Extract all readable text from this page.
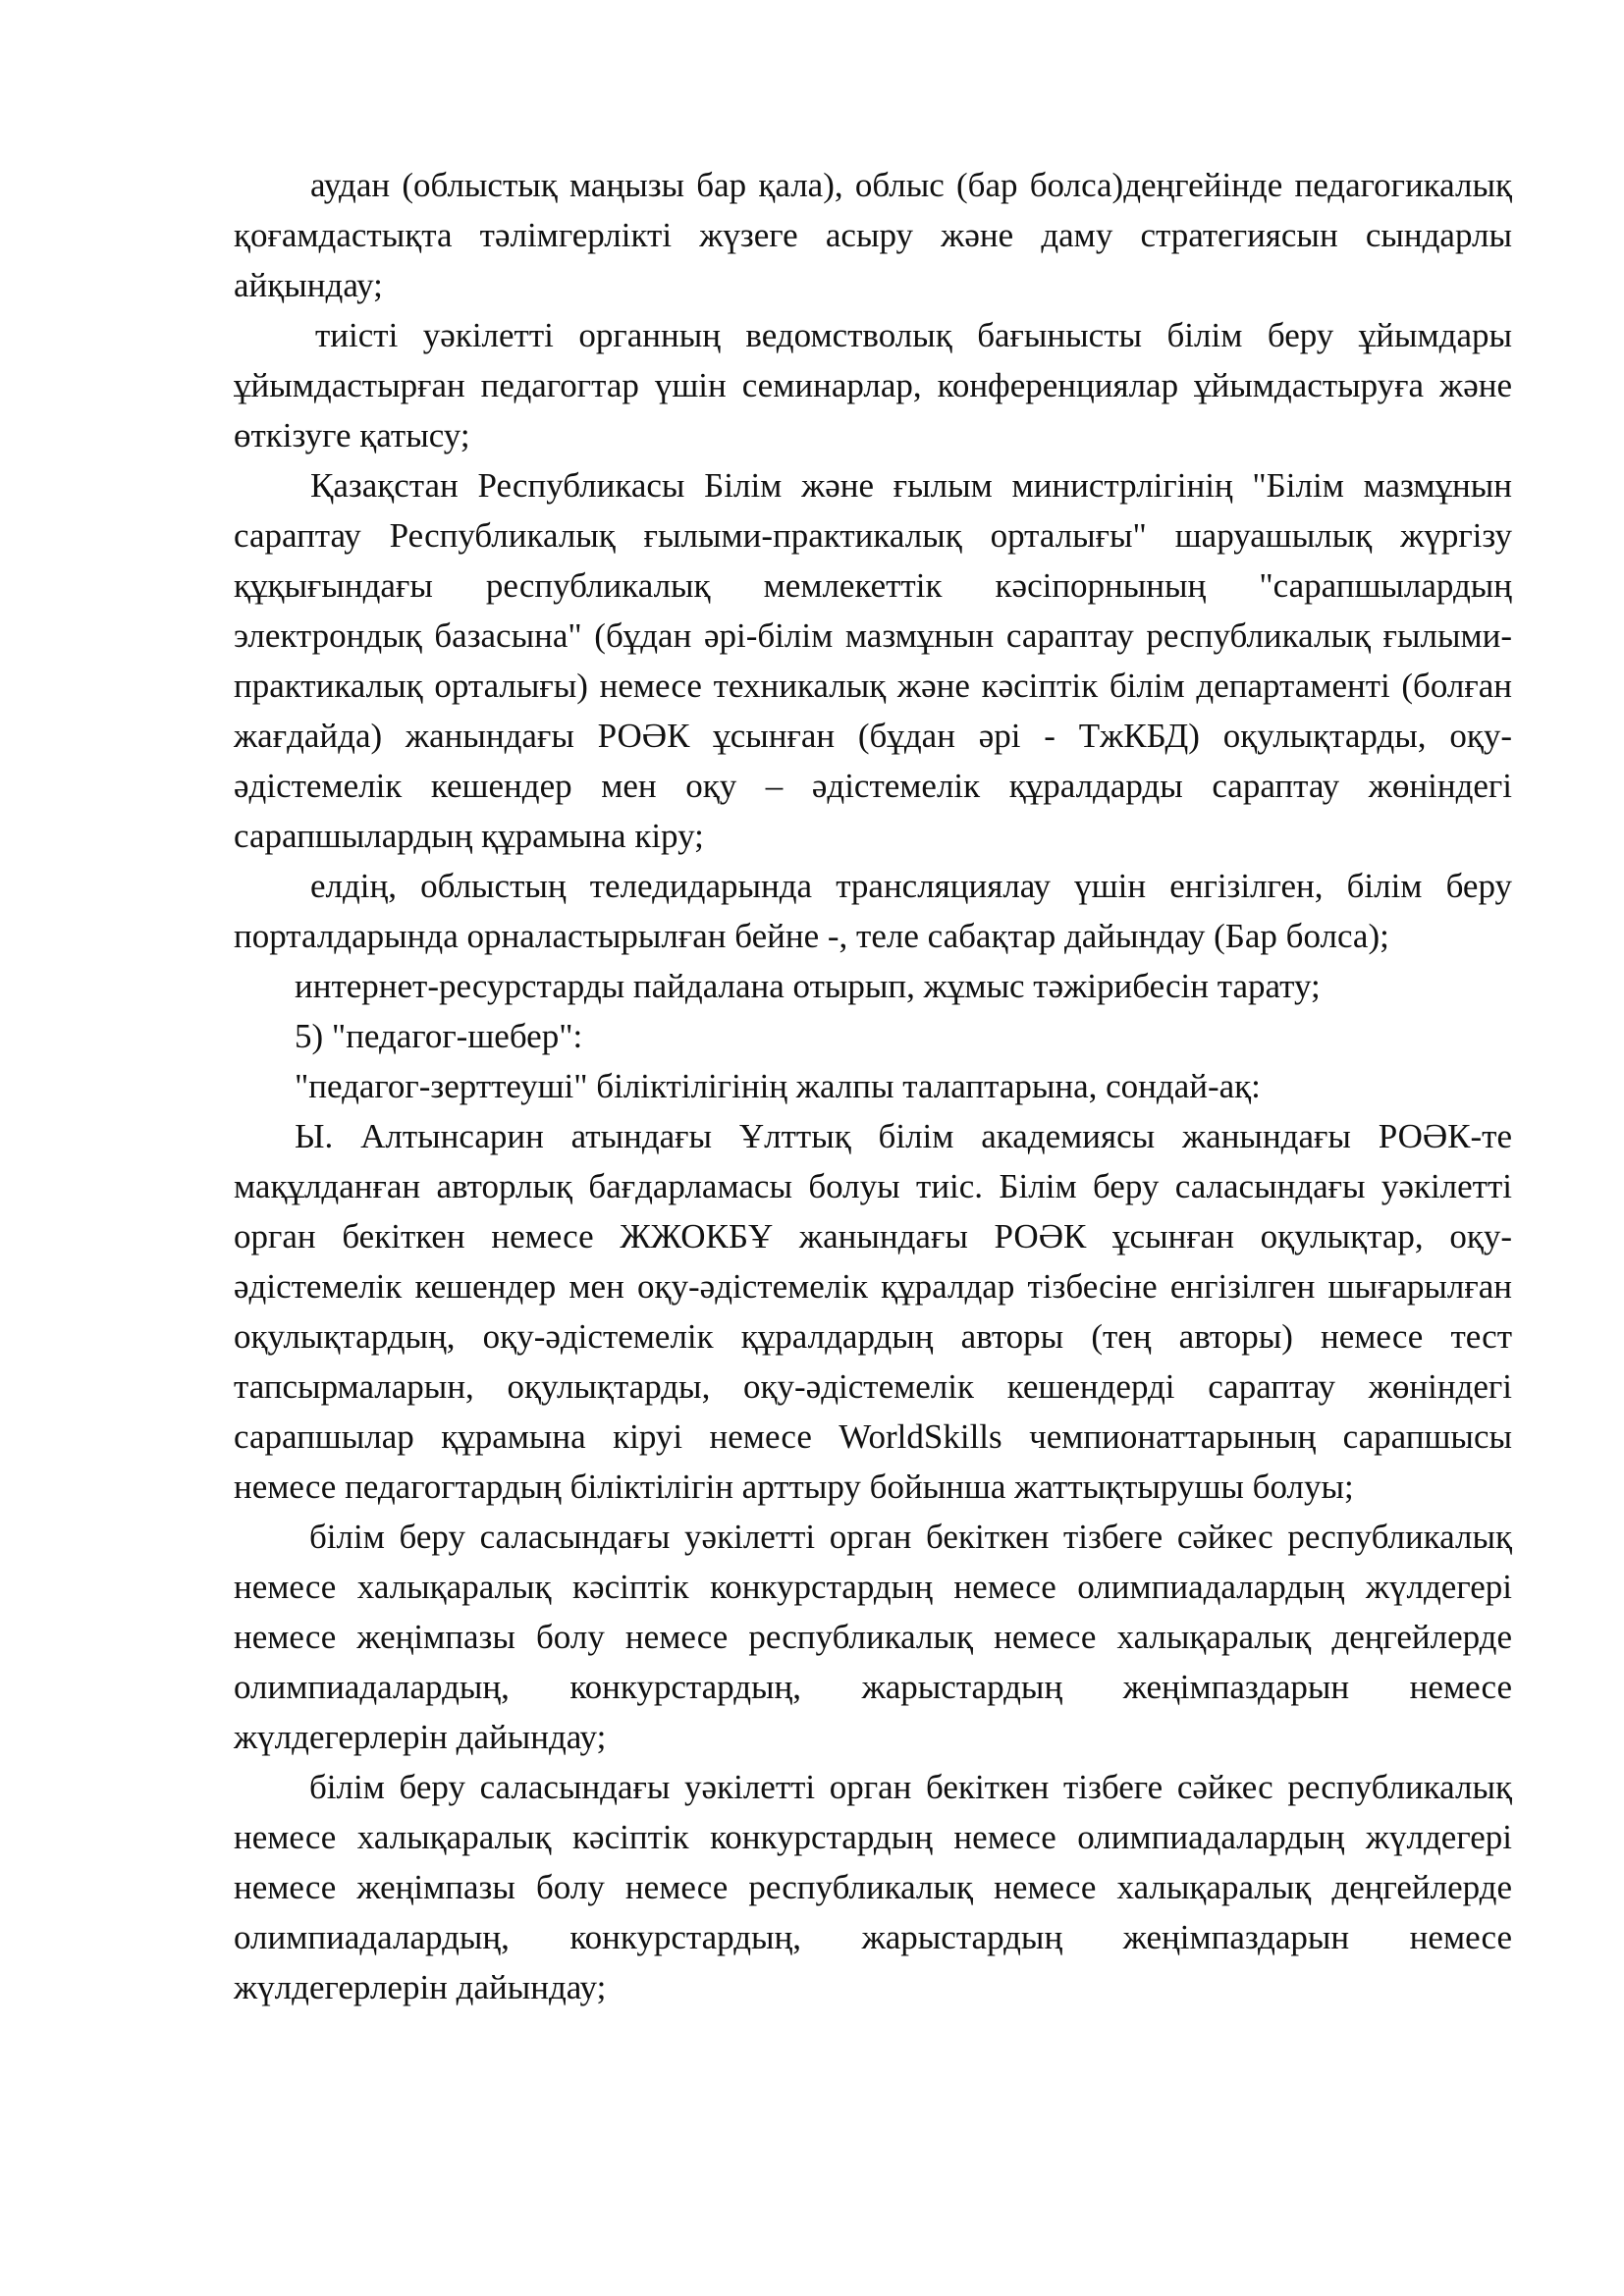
аудан (облыстық маңызы бар қала), облыс (бар болса)деңгейінде педагогикалық қоғамдастықта тәлімгерлікті жүзеге асыру және даму стратегиясын сындарлы айқындау;

тиісті уәкілетті органның ведомстволық бағынысты білім беру ұйымдары ұйымдастырған педагогтар үшін семинарлар, конференциялар ұйымдастыруға және өткізуге қатысу;

Қазақстан Республикасы Білім және ғылым министрлігінің "Білім мазмұнын сараптау Республикалық ғылыми-практикалық орталығы" шаруашылық жүргізу құқығындағы республикалық мемлекеттік кәсіпорнының "сарапшылардың электрондық базасына" (бұдан әрі-білім мазмұнын сараптау республикалық ғылыми-практикалық орталығы) немесе техникалық және кәсіптік білім департаменті (болған жағдайда) жанындағы РОӘК ұсынған (бұдан әрі - ТжКБД) оқулықтарды, оқу-әдістемелік кешендер мен оқу – әдістемелік құралдарды сараптау жөніндегі сарапшылардың құрамына кіру;

елдің, облыстың теледидарында трансляциялау үшін енгізілген, білім беру порталдарында орналастырылған бейне -, теле сабақтар дайындау (Бар болса);

интернет-ресурстарды пайдалана отырып, жұмыс тәжірибесін тарату;

5) "педагог-шебер":

"педагог-зерттеуші" біліктілігінің жалпы талаптарына, сондай-ақ:

Ы. Алтынсарин атындағы Ұлттық білім академиясы жанындағы РОӘК-те мақұлданған авторлық бағдарламасы болуы тиіс. Білім беру саласындағы уәкілетті орган бекіткен немесе ЖЖОКБҰ жанындағы РОӘК ұсынған оқулықтар, оқу-әдістемелік кешендер мен оқу-әдістемелік құралдар тізбесіне енгізілген шығарылған оқулықтардың, оқу-әдістемелік құралдардың авторы (тең авторы) немесе тест тапсырмаларын, оқулықтарды, оқу-әдістемелік кешендерді сараптау жөніндегі сарапшылар құрамына кіруі немесе WorldSkills чемпионаттарының сарапшысы немесе педагогтардың біліктілігін арттыру бойынша жаттықтырушы болуы;

білім беру саласындағы уәкілетті орган бекіткен тізбеге сәйкес республикалық немесе халықаралық кәсіптік конкурстардың немесе олимпиадалардың жүлдегері немесе жеңімпазы болу немесе республикалық немесе халықаралық деңгейлерде олимпиадалардың, конкурстардың, жарыстардың жеңімпаздарын немесе жүлдегерлерін дайындау;

білім беру саласындағы уәкілетті орган бекіткен тізбеге сәйкес республикалық немесе халықаралық кәсіптік конкурстардың немесе олимпиадалардың жүлдегері немесе жеңімпазы болу немесе республикалық немесе халықаралық деңгейлерде олимпиадалардың, конкурстардың, жарыстардың жеңімпаздарын немесе жүлдегерлерін дайындау;
